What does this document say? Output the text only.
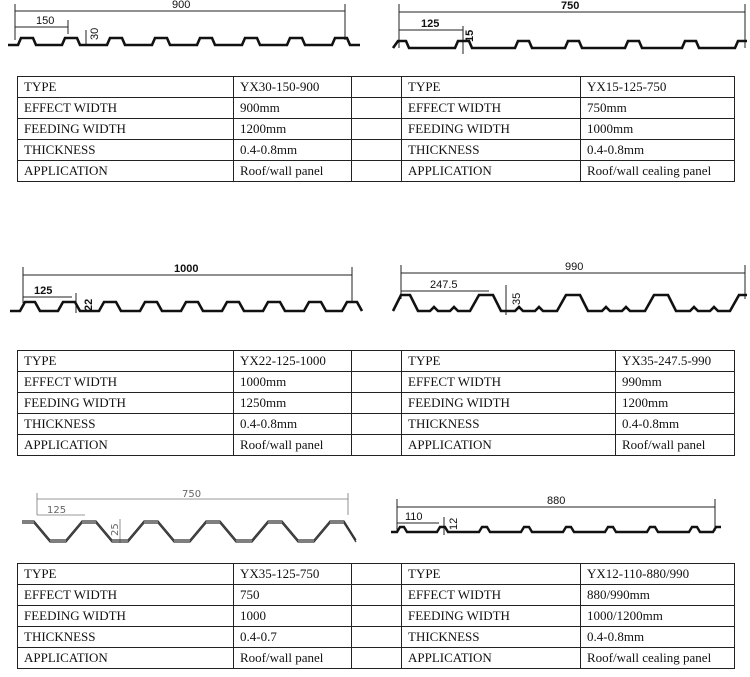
900
150
30
750
125
15
TYPE	YX30-150-900		TYPE	YX15-125-750
EFFECT WIDTH	900mm		EFFECT WIDTH	750mm
FEEDING WIDTH	1200mm		FEEDING WIDTH	1000mm
THICKNESS	0.4-0.8mm		THICKNESS	0.4-0.8mm
APPLICATION	Roof/wall panel		APPLICATION	Roof/wall cealing panel
1000
125
22
990
247.5
35
TYPE	YX22-125-1000		TYPE	YX35-247.5-990
EFFECT WIDTH	1000mm		EFFECT WIDTH	990mm
FEEDING WIDTH	1250mm		FEEDING WIDTH	1200mm
THICKNESS	0.4-0.8mm		THICKNESS	0.4-0.8mm
APPLICATION	Roof/wall panel		APPLICATION	Roof/wall panel
750
125
25
880
110
12
TYPE	YX35-125-750		TYPE	YX12-110-880/990
EFFECT WIDTH	750		EFFECT WIDTH	880/990mm
FEEDING WIDTH	1000		FEEDING WIDTH	1000/1200mm
THICKNESS	0.4-0.7		THICKNESS	0.4-0.8mm
APPLICATION	Roof/wall panel		APPLICATION	Roof/wall cealing panel
